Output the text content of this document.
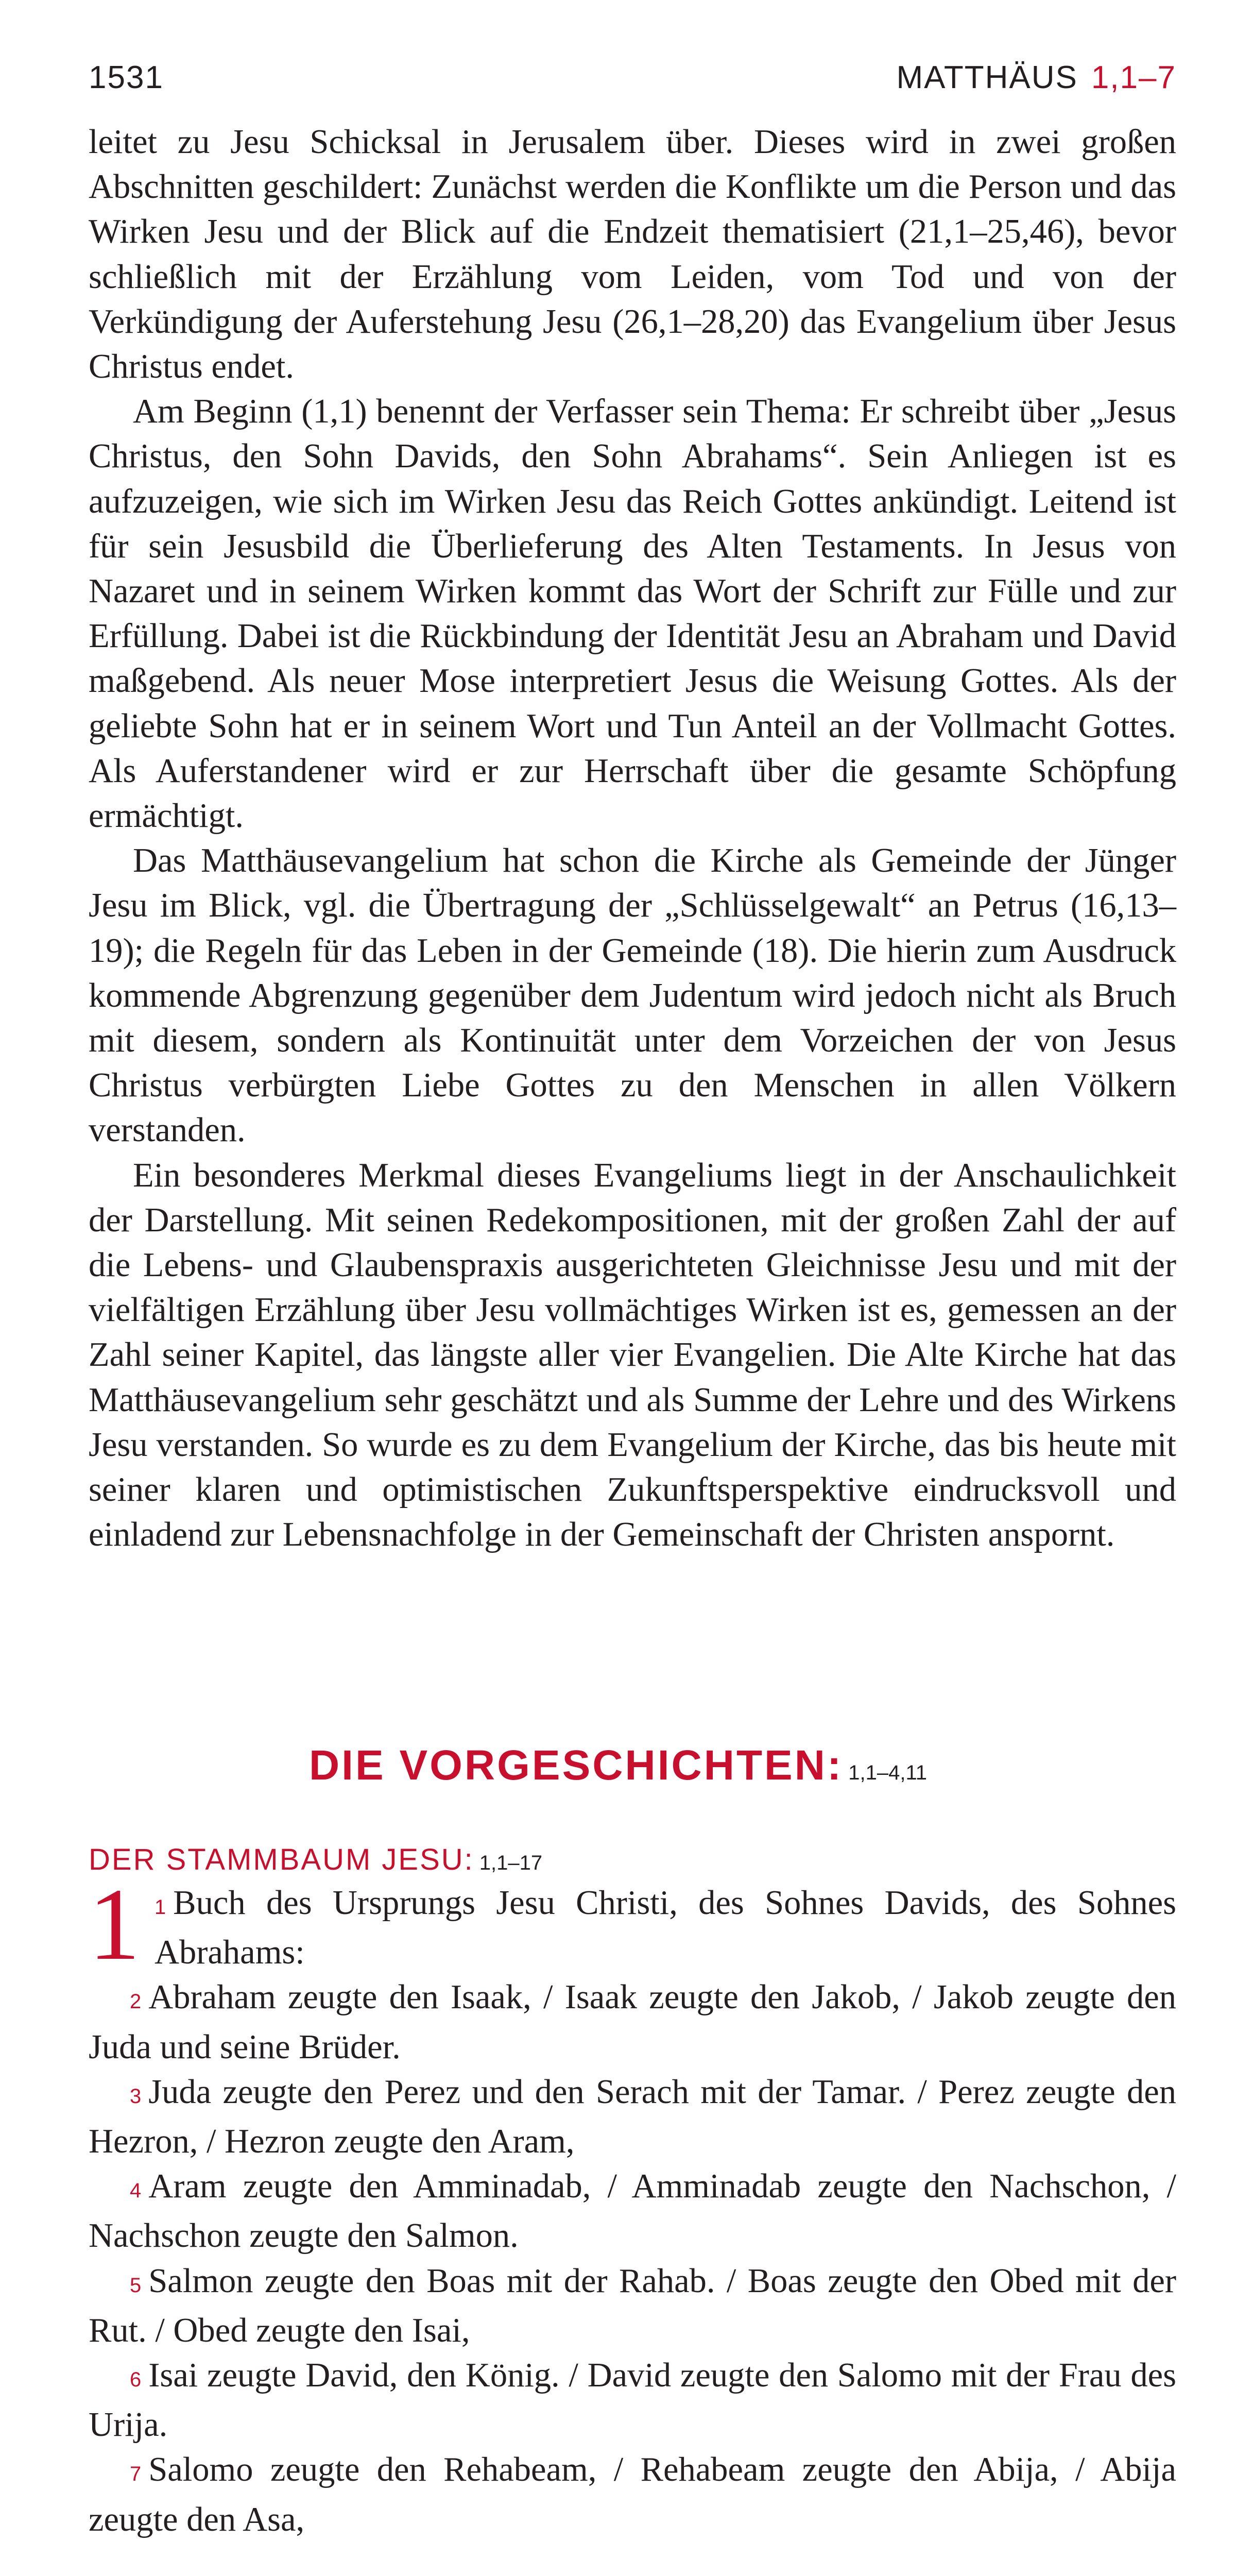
1531	MATTHÄUS 1,1–7

leitet zu Jesu Schicksal in Jerusalem über. Dieses wird in zwei großen Abschnitten geschildert: Zunächst werden die Konflikte um die Person und das Wirken Jesu und der Blick auf die Endzeit thematisiert (21,1–25,46), bevor schließlich mit der Erzählung vom Leiden, vom Tod und von der Verkündigung der Auferstehung Jesu (26,1–28,20) das Evangelium über Jesus Christus endet.

Am Beginn (1,1) benennt der Verfasser sein Thema: Er schreibt über „Jesus Christus, den Sohn Davids, den Sohn Abrahams“. Sein Anliegen ist es aufzuzeigen, wie sich im Wirken Jesu das Reich Gottes ankündigt. Leitend ist für sein Jesusbild die Überlieferung des Alten Testaments. In Jesus von Nazaret und in seinem Wirken kommt das Wort der Schrift zur Fülle und zur Erfüllung. Dabei ist die Rückbindung der Identität Jesu an Abraham und David maßgebend. Als neuer Mose interpretiert Jesus die Weisung Gottes. Als der geliebte Sohn hat er in seinem Wort und Tun Anteil an der Vollmacht Gottes. Als Auferstandener wird er zur Herrschaft über die gesamte Schöpfung ermächtigt.

Das Matthäusevangelium hat schon die Kirche als Gemeinde der Jünger Jesu im Blick, vgl. die Übertragung der „Schlüsselgewalt“ an Petrus (16,13–19); die Regeln für das Leben in der Gemeinde (18). Die hierin zum Ausdruck kommende Abgrenzung gegenüber dem Judentum wird jedoch nicht als Bruch mit diesem, sondern als Kontinuität unter dem Vorzeichen der von Jesus Christus verbürgten Liebe Gottes zu den Menschen in allen Völkern verstanden.

Ein besonderes Merkmal dieses Evangeliums liegt in der Anschaulichkeit der Darstellung. Mit seinen Redekompositionen, mit der großen Zahl der auf die Lebens- und Glaubenspraxis ausgerichteten Gleichnisse Jesu und mit der vielfältigen Erzählung über Jesu vollmächtiges Wirken ist es, gemessen an der Zahl seiner Kapitel, das längste aller vier Evangelien. Die Alte Kirche hat das Matthäusevangelium sehr geschätzt und als Summe der Lehre und des Wirkens Jesu verstanden. So wurde es zu dem Evangelium der Kirche, das bis heute mit seiner klaren und optimistischen Zukunftsperspektive eindrucksvoll und einladend zur Lebensnachfolge in der Gemeinschaft der Christen anspornt.

DIE VORGESCHICHTEN: 1,1–4,11
DER STAMMBAUM JESU: 1,1–17
1 1 Buch des Ursprungs Jesu Christi, des Sohnes Davids, des Sohnes Abrahams:

2 Abraham zeugte den Isaak, / Isaak zeugte den Jakob, / Jakob zeugte den Juda und seine Brüder.

3 Juda zeugte den Perez und den Serach mit der Tamar. / Perez zeugte den Hezron, / Hezron zeugte den Aram,

4 Aram zeugte den Amminadab, / Amminadab zeugte den Nachschon, / Nachschon zeugte den Salmon.

5 Salmon zeugte den Boas mit der Rahab. / Boas zeugte den Obed mit der Rut. / Obed zeugte den Isai,

6 Isai zeugte David, den König. / David zeugte den Salomo mit der Frau des Urija.

7 Salomo zeugte den Rehabeam, / Rehabeam zeugte den Abija, / Abija zeugte den Asa,
